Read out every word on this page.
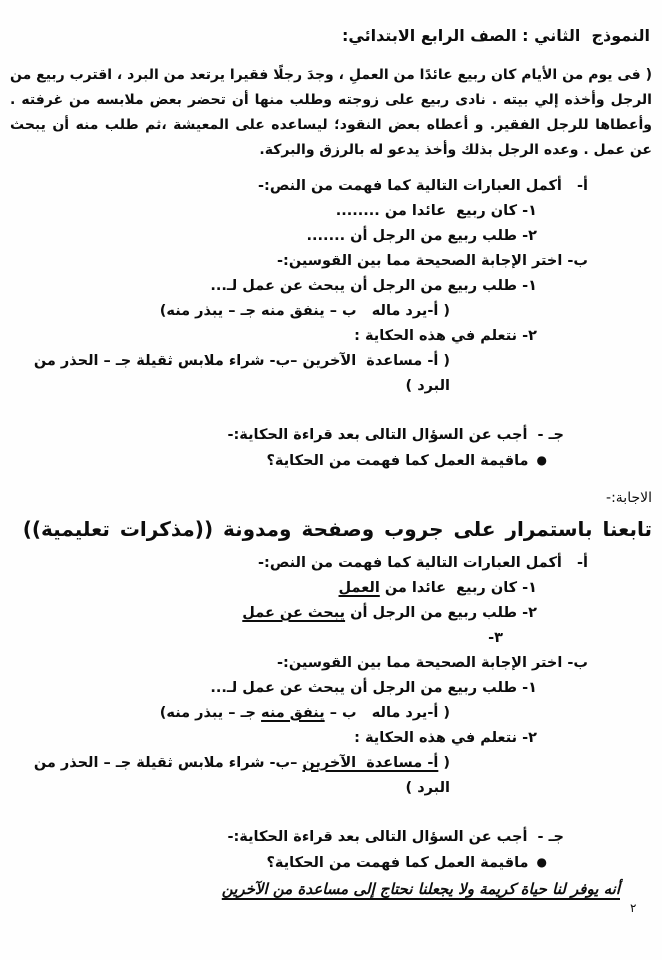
النموذج  الثاني : الصف الرابع الابتدائي:
( فى يوم من الأيام كان ربيع عائدًا من العملِ ، وجدَ رجلًا فقيرا يرتعد من البرد ، اقترب ربيع من الرجل وأخذه إلي بيته . نادى ربيع على زوجته وطلب منها أن تحضر بعض ملابسه من غرفته . وأعطاها للرجل الفقير. و أعطاه بعض النقود؛ ليساعده على المعيشة ،ثم طلب منه أن يبحث عن عمل . وعده الرجل بذلك وأخذ يدعو له بالرزق والبركة.
أ-   أكمل العبارات التالية كما فهمت من النص:-
١- كان ربيع  عائدا من ........
٢- طلب ربيع من الرجل أن .......
ب- اختر الإجابة الصحيحة مما بين القوسين:-
١- طلب ربيع من الرجل أن يبحث عن عمل لـ...
( أ-يرد ماله   ب – ينفق منه جـ – يبذر منه)
٢- نتعلم في هذه الحكاية :
( أ- مساعدة  الآخرين –ب- شراء ملابس ثقيلة جـ – الحذر من البرد )
جـ -  أجب عن السؤال التالى بعد قراءة الحكاية:-
●ماقيمة العمل كما فهمت من الحكاية؟
الاجابة:-
تابعنا باستمرار على جروب وصفحة ومدونة ((مذكرات تعليمية))
أ-   أكمل العبارات التالية كما فهمت من النص:-
١- كان ربيع  عائدا من العمل
٢- طلب ربيع من الرجل أن يبحث عن عمل
٣-
ب- اختر الإجابة الصحيحة مما بين القوسين:-
١- طلب ربيع من الرجل أن يبحث عن عمل لـ...
( أ-يرد ماله   ب – ينفق منه جـ – يبذر منه)
٢- نتعلم في هذه الحكاية :
( أ- مساعدة  الآخرين –ب- شراء ملابس ثقيلة جـ – الحذر من البرد )
جـ -  أجب عن السؤال التالى بعد قراءة الحكاية:-
●ماقيمة العمل كما فهمت من الحكاية؟
أنه يوفر لنا حياة كريمة ولا يجعلنا نحتاج إلى مساعدة من الآخرين
٢
